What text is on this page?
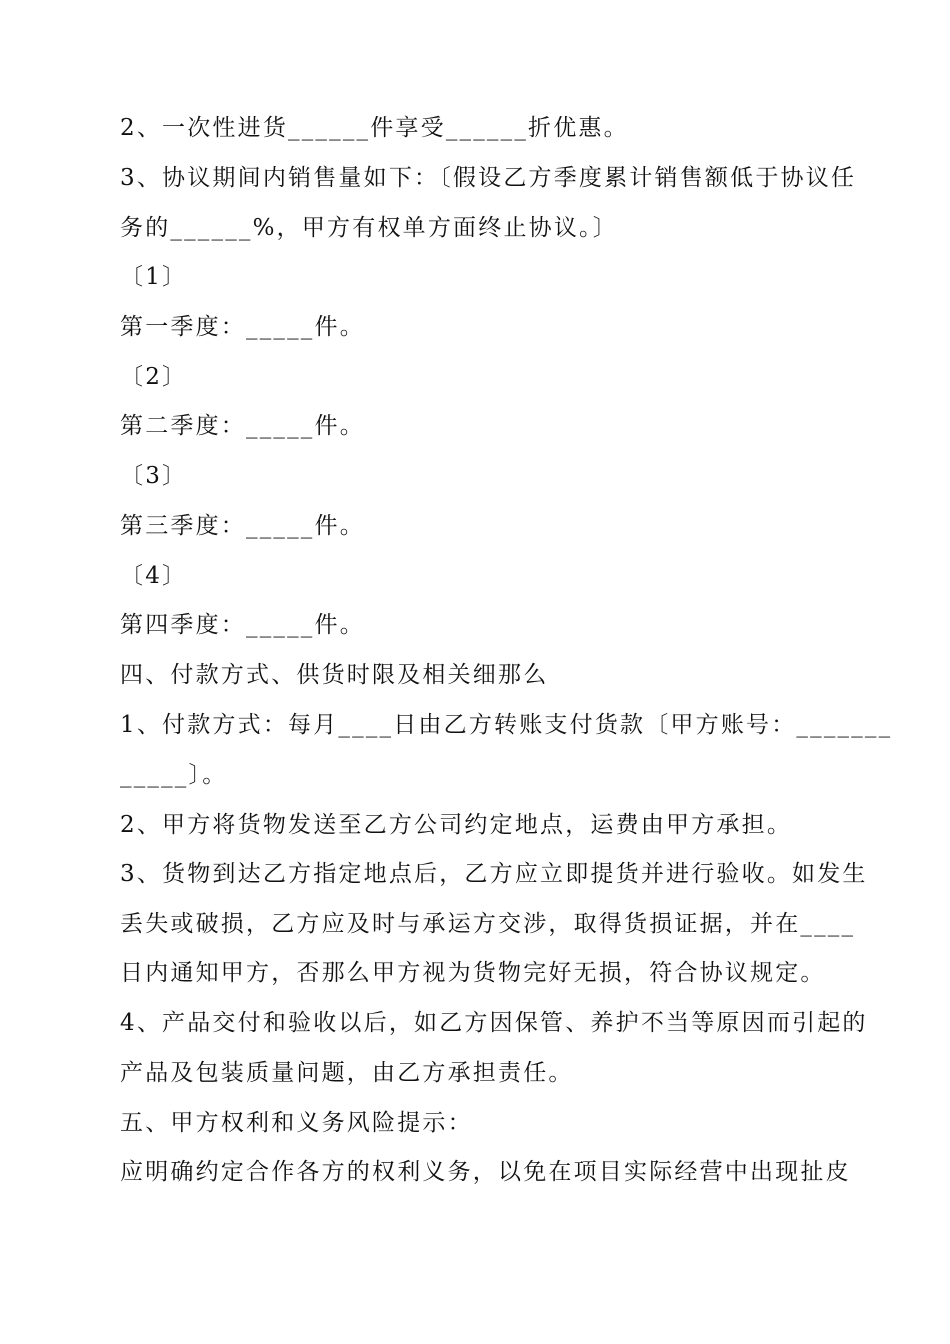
2、一次性进货______件享受______折优惠。
3、协议期间内销售量如下：〔假设乙方季度累计销售额低于协议任
务的______%，甲方有权单方面终止协议。〕
〔1〕
第一季度：_____件。
〔2〕
第二季度：_____件。
〔3〕
第三季度：_____件。
〔4〕
第四季度：_____件。
四、付款方式、供货时限及相关细那么
1、付款方式：每月____日由乙方转账支付货款〔甲方账号：_______
_____〕。
2、甲方将货物发送至乙方公司约定地点，运费由甲方承担。
3、货物到达乙方指定地点后，乙方应立即提货并进行验收。如发生
丢失或破损，乙方应及时与承运方交涉，取得货损证据，并在____
日内通知甲方，否那么甲方视为货物完好无损，符合协议规定。
4、产品交付和验收以后，如乙方因保管、养护不当等原因而引起的
产品及包装质量问题，由乙方承担责任。
五、甲方权利和义务风险提示：
应明确约定合作各方的权利义务，以免在项目实际经营中出现扯皮
